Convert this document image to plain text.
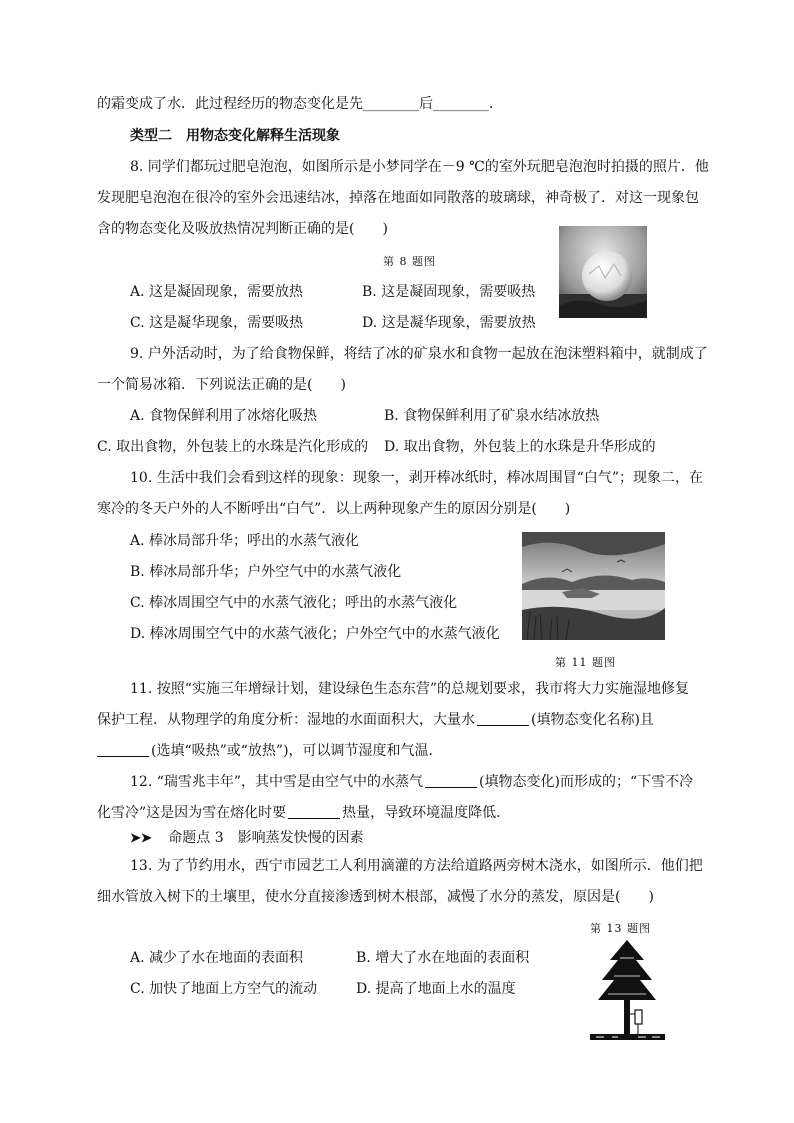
的霜变成了水．此过程经历的物态变化是先________后________．
类型二　用物态变化解释生活现象
8. 同学们都玩过肥皂泡泡，如图所示是小梦同学在－9 ℃的室外玩肥皂泡泡时拍摄的照片．他
发现肥皂泡泡在很冷的室外会迅速结冰，掉落在地面如同散落的玻璃球，神奇极了．对这一现象包
含的物态变化及吸放热情况判断正确的是(　　)
第 8 题图
A. 这是凝固现象，需要放热	B. 这是凝固现象，需要吸热
C. 这是凝华现象，需要吸热	D. 这是凝华现象，需要放热
9. 户外活动时，为了给食物保鲜，将结了冰的矿泉水和食物一起放在泡沫塑料箱中，就制成了
一个简易冰箱．下列说法正确的是(　　)
A. 食物保鲜利用了冰熔化吸热	B. 食物保鲜利用了矿泉水结冰放热
C. 取出食物，外包装上的水珠是汽化形成的 D. 取出食物，外包装上的水珠是升华形成的
10. 生活中我们会看到这样的现象：现象一，剥开棒冰纸时，棒冰周围冒“白气”；现象二，在
寒冷的冬天户外的人不断呼出“白气”．以上两种现象产生的原因分别是(　　)
A. 棒冰局部升华；呼出的水蒸气液化
B. 棒冰局部升华；户外空气中的水蒸气液化
C. 棒冰周围空气中的水蒸气液化；呼出的水蒸气液化
D. 棒冰周围空气中的水蒸气液化；户外空气中的水蒸气液化
第 11 题图
11. 按照“实施三年增绿计划，建设绿色生态东营”的总规划要求，我市将大力实施湿地修复
保护工程．从物理学的角度分析：湿地的水面面积大，大量水	(填物态变化名称)且
(选填“吸热”或“放热”)，可以调节湿度和气温．
12. “瑞雪兆丰年”，其中雪是由空气中的水蒸气	(填物态变化)而形成的；“下雪不冷
化雪冷”这是因为雪在熔化时要	热量，导致环境温度降低．
➤➤ 命题点 3　影响蒸发快慢的因素
13. 为了节约用水，西宁市园艺工人利用滴灌的方法给道路两旁树木浇水，如图所示．他们把
细水管放入树下的土壤里，使水分直接渗透到树木根部，减慢了水分的蒸发，原因是(　　)
第 13 题图
A. 减少了水在地面的表面积	B. 增大了水在地面的表面积
C. 加快了地面上方空气的流动	D. 提高了地面上水的温度
